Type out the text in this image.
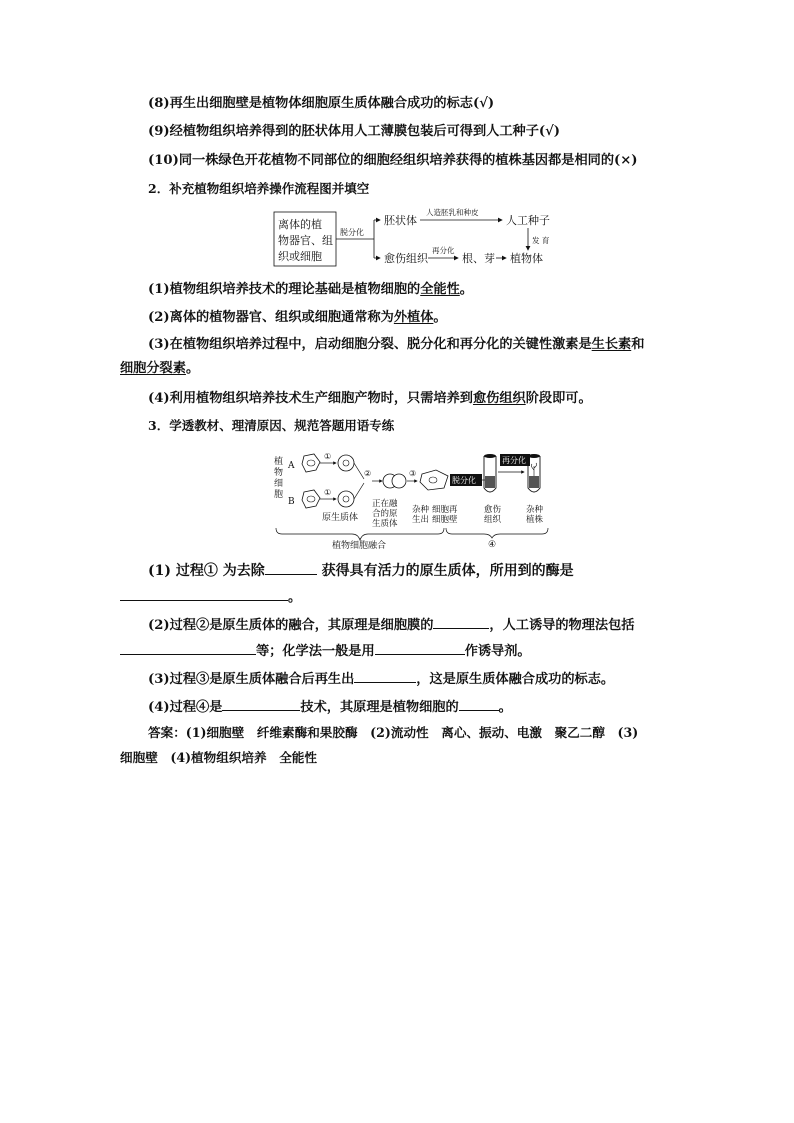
(8)再生出细胞壁是植物体细胞原生质体融合成功的标志(√)
(9)经植物组织培养得到的胚状体用人工薄膜包装后可得到人工种子(√)
(10)同一株绿色开花植物不同部位的细胞经组织培养获得的植株基因都是相同的(×)
2．补充植物组织培养操作流程图并填空
离体的植
物器官、组
织或细胞
脱分化
胚状体
人造胚乳和种皮
人工种子
发 育
愈伤组织
再分化
根、芽 植物体
(1)植物组织培养技术的理论基础是植物细胞的全能性。
(2)离体的植物器官、组织或细胞通常称为外植体。
(3)在植物组织培养过程中，启动细胞分裂、脱分化和再分化的关键性激素是生长素和
细胞分裂素。
(4)利用植物组织培养技术生产细胞产物时，只需培养到愈伤组织阶段即可。
3．学透教材、理清原因、规范答题用语专练
植
物
细
胞
A
B
①
①
②	③
脱分化
再分化
原生质体
正在融
合的原
生质体
杂种
生出
细胞再
细胞壁
愈伤
组织
杂种
植株
植物细胞融合	④
(1) 过程① 为去除	获得具有活力的原生质体，所用到的酶是
。
(2)过程②是原生质体的融合，其原理是细胞膜的	，人工诱导的物理法包括
等；化学法一般是用	作诱导剂。
(3)过程③是原生质体融合后再生出	，这是原生质体融合成功的标志。
(4)过程④是	技术，其原理是植物细胞的	。
答案：(1)细胞壁　纤维素酶和果胶酶　(2)流动性　离心、振动、电激　聚乙二醇　(3)
细胞壁　(4)植物组织培养　全能性
